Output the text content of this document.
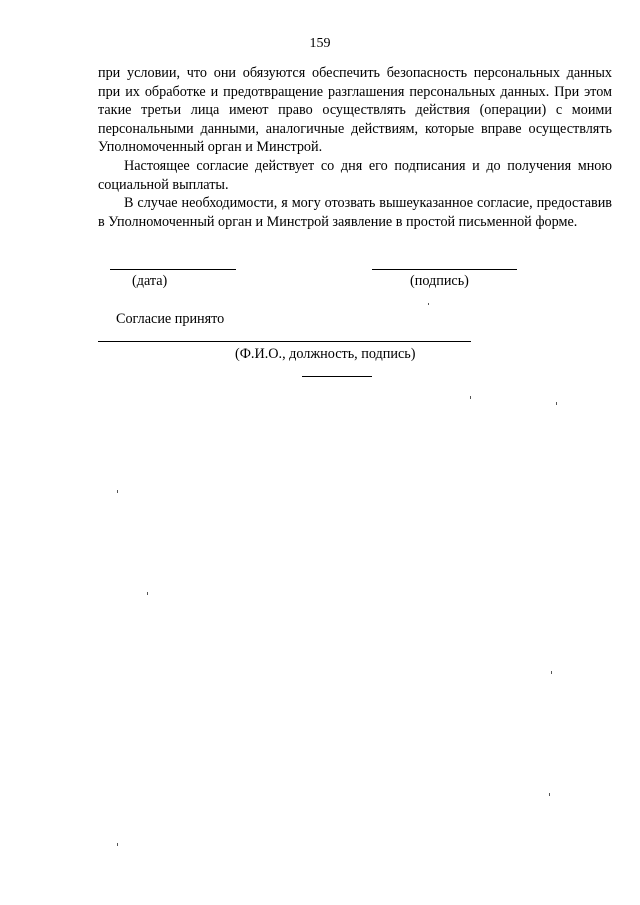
159

при условии, что они обязуются обеспечить безопасность персональных данных при их обработке и предотвращение разглашения персональных данных. При этом такие третьи лица имеют право осуществлять действия (операции) с моими персональными данными, аналогичные действиям, которые вправе осуществлять Уполномоченный орган и Минстрой.

Настоящее согласие действует со дня его подписания и до получения мною социальной выплаты.

В случае необходимости, я могу отозвать вышеуказанное согласие, предоставив в Уполномоченный орган и Минстрой заявление в простой письменной форме.

(дата)	(подпись)
Согласие принято
(Ф.И.О., должность, подпись)
